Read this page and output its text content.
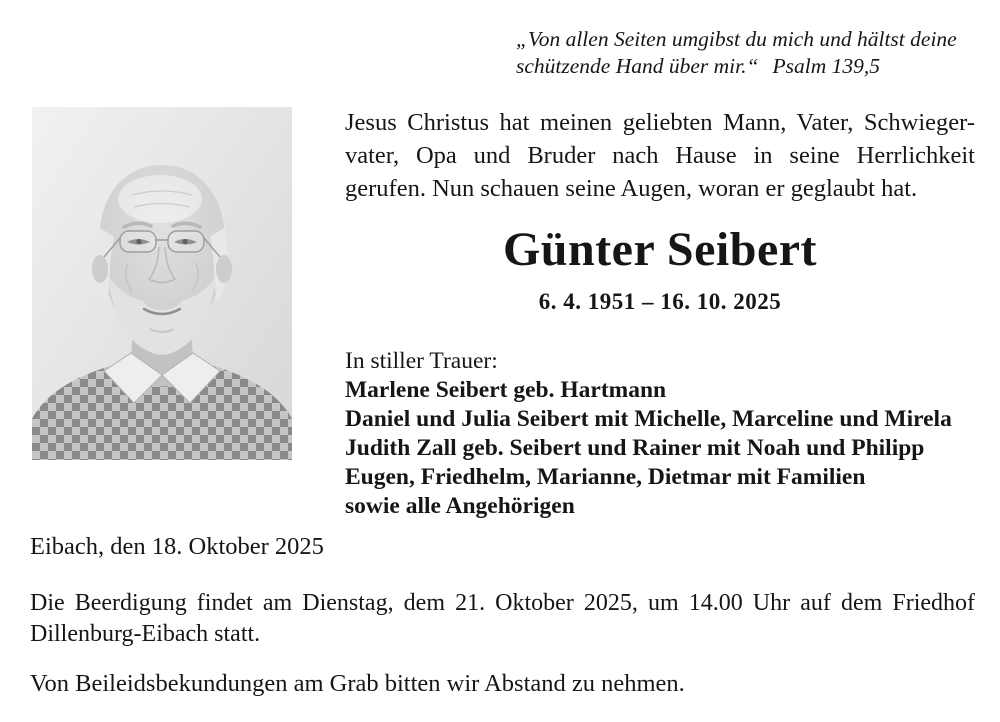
„Von allen Seiten umgibst du mich und hältst deine
schützende Hand über mir.“ Psalm 139,5
Jesus Christus hat meinen geliebten Mann, Vater, Schwieger-
vater, Opa und Bruder nach Hause in seine Herrlichkeit
gerufen. Nun schauen seine Augen, woran er geglaubt hat.
Günter Seibert
6. 4. 1951 – 16. 10. 2025
In stiller Trauer:
Marlene Seibert geb. Hartmann
Daniel und Julia Seibert mit Michelle, Marceline und Mirela
Judith Zall geb. Seibert und Rainer mit Noah und Philipp
Eugen, Friedhelm, Marianne, Dietmar mit Familien
sowie alle Angehörigen
Eibach, den 18. Oktober 2025
Die Beerdigung findet am Dienstag, dem 21. Oktober 2025, um 14.00 Uhr auf dem Friedhof
Dillenburg-Eibach statt.
Von Beileidsbekundungen am Grab bitten wir Abstand zu nehmen.
